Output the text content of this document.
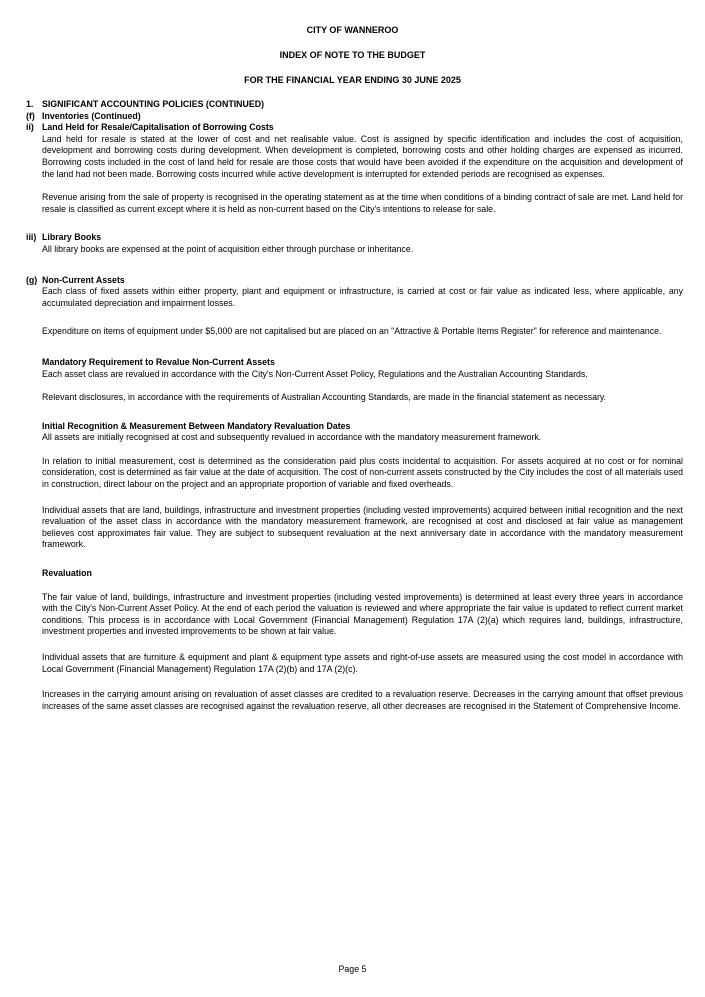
CITY OF WANNEROO
INDEX OF NOTE TO THE BUDGET
FOR THE FINANCIAL YEAR ENDING 30 JUNE 2025
1. SIGNIFICANT ACCOUNTING POLICIES (CONTINUED)
(f) Inventories (Continued)
ii) Land Held for Resale/Capitalisation of Borrowing Costs
Land held for resale is stated at the lower of cost and net realisable value. Cost is assigned by specific identification and includes the cost of acquisition, development and borrowing costs during development. When development is completed, borrowing costs and other holding charges are expensed as incurred. Borrowing costs included in the cost of land held for resale are those costs that would have been avoided if the expenditure on the acquisition and development of the land had not been made. Borrowing costs incurred while active development is interrupted for extended periods are recognised as expenses.
Revenue arising from the sale of property is recognised in the operating statement as at the time when conditions of a binding contract of sale are met. Land held for resale is classified as current except where it is held as non-current based on the City's intentions to release for sale.
iii) Library Books
All library books are expensed at the point of acquisition either through purchase or inheritance.
(g) Non-Current Assets
Each class of fixed assets within either property, plant and equipment or infrastructure, is carried at cost or fair value as indicated less, where applicable, any accumulated depreciation and impairment losses.
Expenditure on items of equipment under $5,000 are not capitalised but are placed on an "Attractive & Portable Items Register" for reference and maintenance.
Mandatory Requirement to Revalue Non-Current Assets
Each asset class are revalued in accordance with the City's Non-Current Asset Policy, Regulations and the Australian Accounting Standards.
Relevant disclosures, in accordance with the requirements of Australian Accounting Standards, are made in the financial statement as necessary.
Initial Recognition & Measurement Between Mandatory Revaluation Dates
All assets are initially recognised at cost and subsequently revalued in accordance with the mandatory measurement framework.
In relation to initial measurement, cost is determined as the consideration paid plus costs incidental to acquisition. For assets acquired at no cost or for nominal consideration, cost is determined as fair value at the date of acquisition. The cost of non-current assets constructed by the City includes the cost of all materials used in construction, direct labour on the project and an appropriate proportion of variable and fixed overheads.
Individual assets that are land, buildings, infrastructure and investment properties (including vested improvements) acquired between initial recognition and the next revaluation of the asset class in accordance with the mandatory measurement framework, are recognised at cost and disclosed at fair value as management believes cost approximates fair value. They are subject to subsequent revaluation at the next anniversary date in accordance with the mandatory measurement framework.
Revaluation
The fair value of land, buildings, infrastructure and investment properties (including vested improvements) is determined at least every three years in accordance with the City's Non-Current Asset Policy. At the end of each period the valuation is reviewed and where appropriate the fair value is updated to reflect current market conditions. This process is in accordance with Local Government (Financial Management) Regulation 17A (2)(a) which requires land, buildings, infrastructure, investment properties and invested improvements to be shown at fair value.
Individual assets that are furniture & equipment and plant & equipment type assets and right-of-use assets are measured using the cost model in accordance with Local Government (Financial Management) Regulation 17A (2)(b) and 17A (2)(c).
Increases in the carrying amount arising on revaluation of asset classes are credited to a revaluation reserve. Decreases in the carrying amount that offset previous increases of the same asset classes are recognised against the revaluation reserve, all other decreases are recognised in the Statement of Comprehensive Income.
Page 5
